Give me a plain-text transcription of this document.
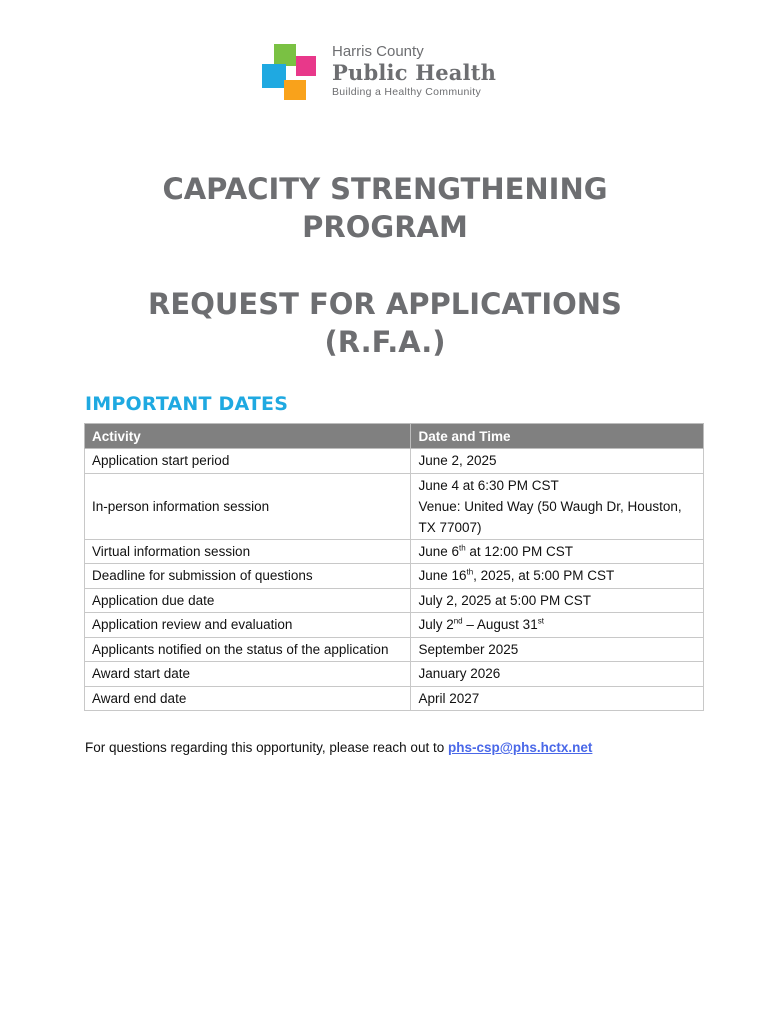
Harris County
Public Health
Building a Healthy Community
CAPACITY STRENGTHENING
PROGRAM
REQUEST FOR APPLICATIONS
(R.F.A.)
IMPORTANT DATES
Activity	Date and Time
Application start period	June 2, 2025
In-person information session	June 4 at 6:30 PM CST
Venue: United Way (50 Waugh Dr, Houston,
TX 77007)

Virtual information session	June 6th at 12:00 PM CST
Deadline for submission of questions	June 16th, 2025, at 5:00 PM CST
Application due date	July 2, 2025 at 5:00 PM CST
Application review and evaluation	July 2nd – August 31st
Applicants notified on the status of the application	September 2025
Award start date	January 2026
Award end date	April 2027
For questions regarding this opportunity, please reach out to phs-csp@phs.hctx.net
